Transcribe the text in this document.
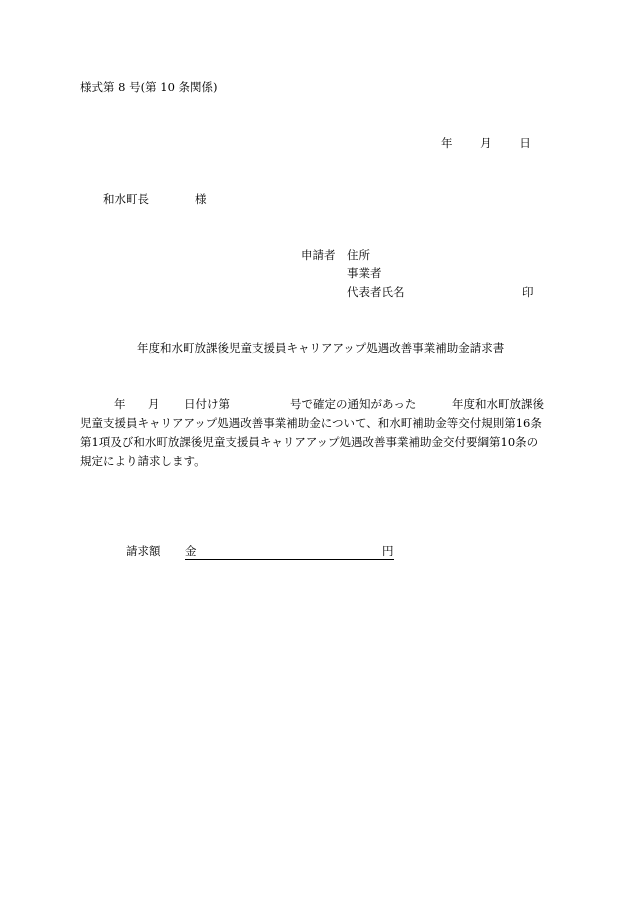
様式第 8 号(第 10 条関係)
年 月 日
和水町長	様
申請者 住所
事業者
代表者氏名	印
年度和水町放課後児童支援員キャリアアップ処遇改善事業補助金請求書
年 月 日付け第	号で確定の通知があった	年度和水町放課後
児童支援員キャリアアップ処遇改善事業補助金について、和水町補助金等交付規則第16条
第1項及び和水町放課後児童支援員キャリアアップ処遇改善事業補助金交付要綱第10条の
規定により請求します。
請求額 金	円
